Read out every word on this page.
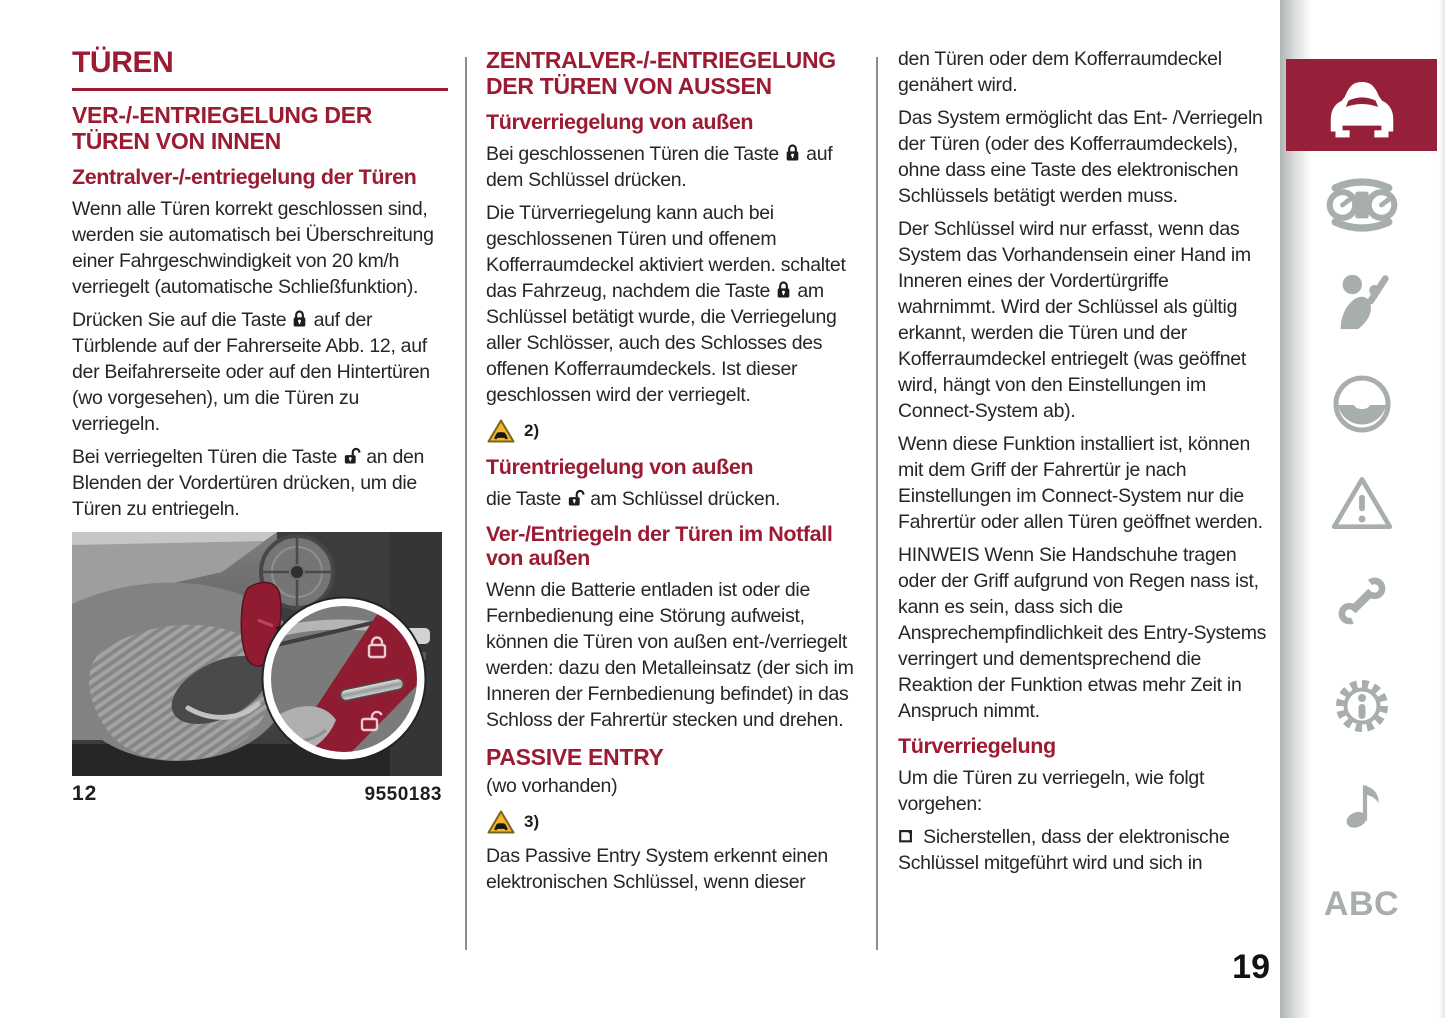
TÜREN
VER-/-ENTRIEGELUNG DER TÜREN VON INNEN
Zentralver-/-entriegelung der Türen

Wenn alle Türen korrekt geschlossen sind, werden sie automatisch bei Überschreitung einer Fahrgeschwindigkeit von 20 km/h verriegelt (automatische Schließfunktion).

Drücken Sie auf die Taste  auf der Türblende auf der Fahrerseite Abb. 12, auf der Beifahrerseite oder auf den Hintertüren (wo vorgesehen), um die Türen zu verriegeln.

Bei verriegelten Türen die Taste  an den Blenden der Vordertüren drücken, um die Türen zu entriegeln.

12	9550183
ZENTRALVER-/-ENTRIEGELUNG DER TÜREN VON AUSSEN
Türverriegelung von außen

Bei geschlossenen Türen die Taste  auf dem Schlüssel drücken.

Die Türverriegelung kann auch bei geschlossenen Türen und offenem Kofferraumdeckel aktiviert werden. schaltet das Fahrzeug, nachdem die Taste  am Schlüssel betätigt wurde, die Verriegelung aller Schlösser, auch des Schlosses des offenen Kofferraumdeckels. Ist dieser geschlossen wird der verriegelt.

2)
Türentriegelung von außen

die Taste  am Schlüssel drücken.

Ver-/Entriegeln der Türen im Notfall von außen

Wenn die Batterie entladen ist oder die Fernbedienung eine Störung aufweist, können die Türen von außen ent-/verriegelt werden: dazu den Metalleinsatz (der sich im Inneren der Fernbedienung befindet) in das Schloss der Fahrertür stecken und drehen.

PASSIVE ENTRY

(wo vorhanden)

3)

Das Passive Entry System erkennt einen elektronischen Schlüssel, wenn dieser

den Türen oder dem Kofferraumdeckel genähert wird.

Das System ermöglicht das Ent- /Verriegeln der Türen (oder des Kofferraumdeckels), ohne dass eine Taste des elektronischen Schlüssels betätigt werden muss.

Der Schlüssel wird nur erfasst, wenn das System das Vorhandensein einer Hand im Inneren eines der Vordertürgriffe wahrnimmt. Wird der Schlüssel als gültig erkannt, werden die Türen und der Kofferraumdeckel entriegelt (was geöffnet wird, hängt von den Einstellungen im Connect-System ab).

Wenn diese Funktion installiert ist, können mit dem Griff der Fahrertür je nach Einstellungen im Connect-System nur die Fahrertür oder allen Türen geöffnet werden.

HINWEIS Wenn Sie Handschuhe tragen oder der Griff aufgrund von Regen nass ist, kann es sein, dass sich die Ansprechempfindlichkeit des Entry-Systems verringert und dementsprechend die Reaktion der Funktion etwas mehr Zeit in Anspruch nimmt.

Türverriegelung

Um die Türen zu verriegeln, wie folgt vorgehen:

Sicherstellen, dass der elektronische Schlüssel mitgeführt wird und sich in

ABC
19
